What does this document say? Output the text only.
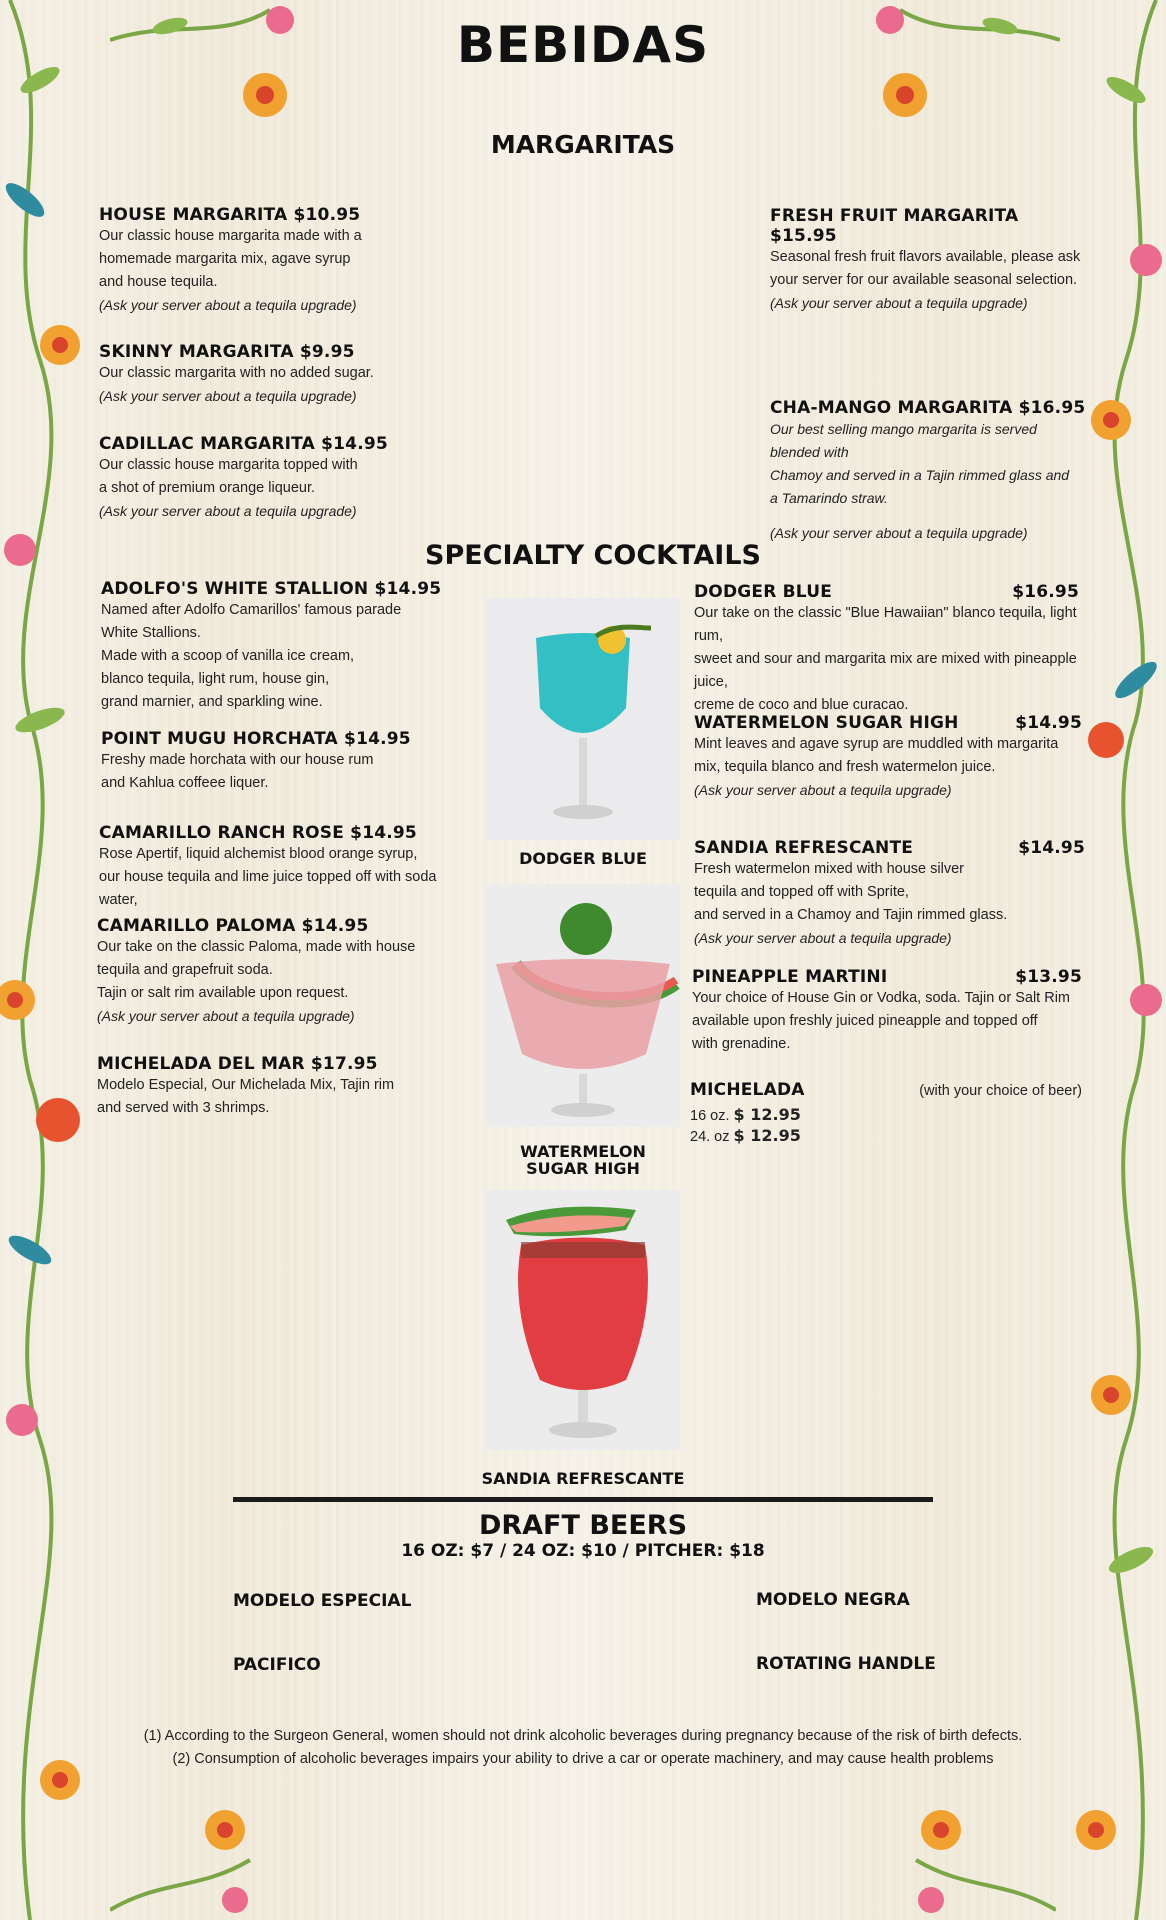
BEBIDAS
MARGARITAS
HOUSE MARGARITA $10.95
Our classic house margarita made with a
homemade margarita mix, agave syrup
and house tequila.
(Ask your server about a tequila upgrade)
SKINNY MARGARITA $9.95
Our classic margarita with no added sugar.
(Ask your server about a tequila upgrade)
CADILLAC MARGARITA $14.95
Our classic house margarita topped with
a shot of premium orange liqueur.
(Ask your server about a tequila upgrade)
FRESH FRUIT MARGARITA $15.95
Seasonal fresh fruit flavors available, please ask
your server for our available seasonal selection.
(Ask your server about a tequila upgrade)
CHA-MANGO MARGARITA $16.95
Our best selling mango margarita is served blended with
Chamoy and served in a Tajin rimmed glass and
a Tamarindo straw.
(Ask your server about a tequila upgrade)
SPECIALTY COCKTAILS
ADOLFO'S WHITE STALLION $14.95
Named after Adolfo Camarillos' famous parade
White Stallions.
Made with a scoop of vanilla ice cream,
blanco tequila, light rum, house gin,
grand marnier, and sparkling wine.
POINT MUGU HORCHATA $14.95
Freshy made horchata with our house rum
and Kahlua coffeee liquer.
CAMARILLO RANCH ROSE $14.95
Rose Apertif, liquid alchemist blood orange syrup,
our house tequila and lime juice topped off with soda water,
CAMARILLO PALOMA $14.95
Our take on the classic Paloma, made with house
tequila and grapefruit soda.
Tajin or salt rim available upon request.
(Ask your server about a tequila upgrade)
MICHELADA DEL MAR $17.95
Modelo Especial, Our Michelada Mix, Tajin rim
and served with 3 shrimps.
DODGER BLUE	$16.95
Our take on the classic "Blue Hawaiian" blanco tequila, light rum,
sweet and sour and margarita mix are mixed with pineapple juice,
creme de coco and blue curacao.
WATERMELON SUGAR HIGH	$14.95
Mint leaves and agave syrup are muddled with margarita
mix, tequila blanco and fresh watermelon juice.
(Ask your server about a tequila upgrade)
SANDIA REFRESCANTE	$14.95
Fresh watermelon mixed with house silver
tequila and topped off with Sprite,
and served in a Chamoy and Tajin rimmed glass.
(Ask your server about a tequila upgrade)
PINEAPPLE MARTINI	$13.95
Your choice of House Gin or Vodka, soda. Tajin or Salt Rim
available upon freshly juiced pineapple and topped off
with grenadine.
MICHELADA	(with your choice of beer)
16 oz. $ 12.95
24. oz $ 12.95
DODGER BLUE
WATERMELON
SUGAR HIGH
SANDIA REFRESCANTE
DRAFT BEERS
16 OZ: $7 / 24 OZ: $10 / PITCHER: $18
MODELO ESPECIAL	MODELO NEGRA
PACIFICO	ROTATING HANDLE
(1) According to the Surgeon General, women should not drink alcoholic beverages during pregnancy because of the risk of birth defects.
(2) Consumption of alcoholic beverages impairs your ability to drive a car or operate machinery, and may cause health problems
